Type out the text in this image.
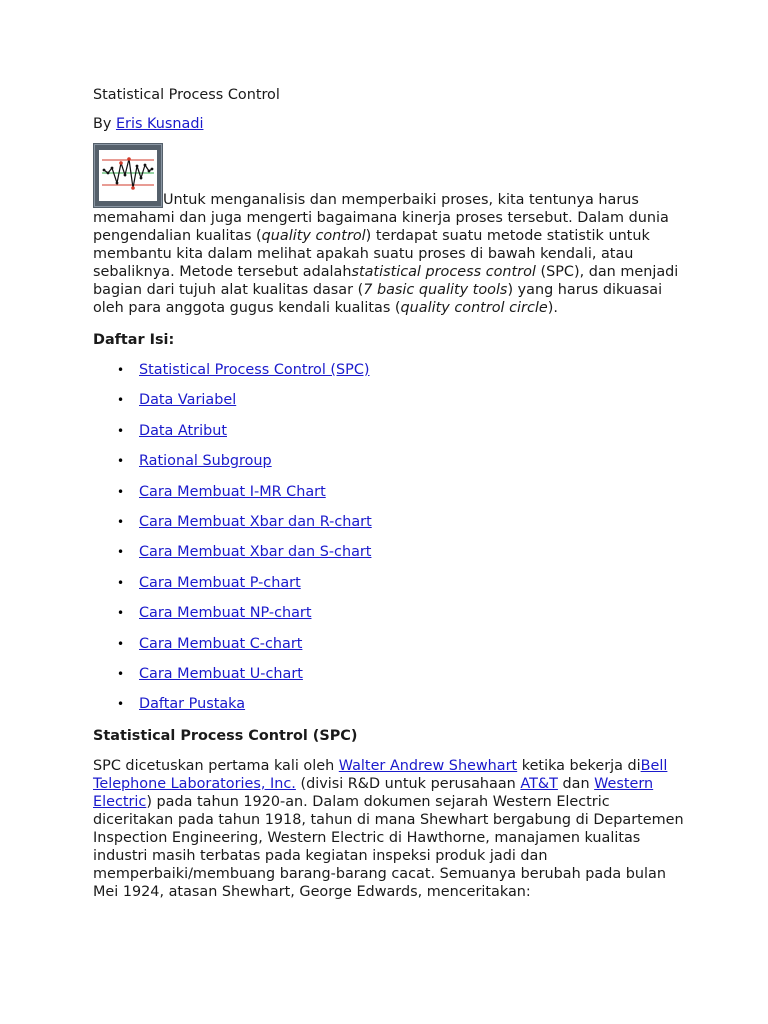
Statistical Process Control

By Eris Kusnadi

Untuk menganalisis dan memperbaiki proses, kita tentunya harus memahami dan juga mengerti bagaimana kinerja proses tersebut. Dalam dunia pengendalian kualitas (quality control) terdapat suatu metode statistik untuk membantu kita dalam melihat apakah suatu proses di bawah kendali, atau sebaliknya. Metode tersebut adalahstatistical process control (SPC), dan menjadi bagian dari tujuh alat kualitas dasar (7 basic quality tools) yang harus dikuasai oleh para anggota gugus kendali kualitas (quality control circle).

Daftar Isi:

• Statistical Process Control (SPC)
• Data Variabel
• Data Atribut
• Rational Subgroup
• Cara Membuat I-MR Chart
• Cara Membuat Xbar dan R-chart
• Cara Membuat Xbar dan S-chart
• Cara Membuat P-chart
• Cara Membuat NP-chart
• Cara Membuat C-chart
• Cara Membuat U-chart
• Daftar Pustaka

Statistical Process Control (SPC)

SPC dicetuskan pertama kali oleh Walter Andrew Shewhart ketika bekerja diBell Telephone Laboratories, Inc. (divisi R&D untuk perusahaan AT&T dan Western Electric) pada tahun 1920-an. Dalam dokumen sejarah Western Electric diceritakan pada tahun 1918, tahun di mana Shewhart bergabung di Departemen Inspection Engineering, Western Electric di Hawthorne, manajamen kualitas industri masih terbatas pada kegiatan inspeksi produk jadi dan memperbaiki/membuang barang-barang cacat. Semuanya berubah pada bulan Mei 1924, atasan Shewhart, George Edwards, menceritakan:
